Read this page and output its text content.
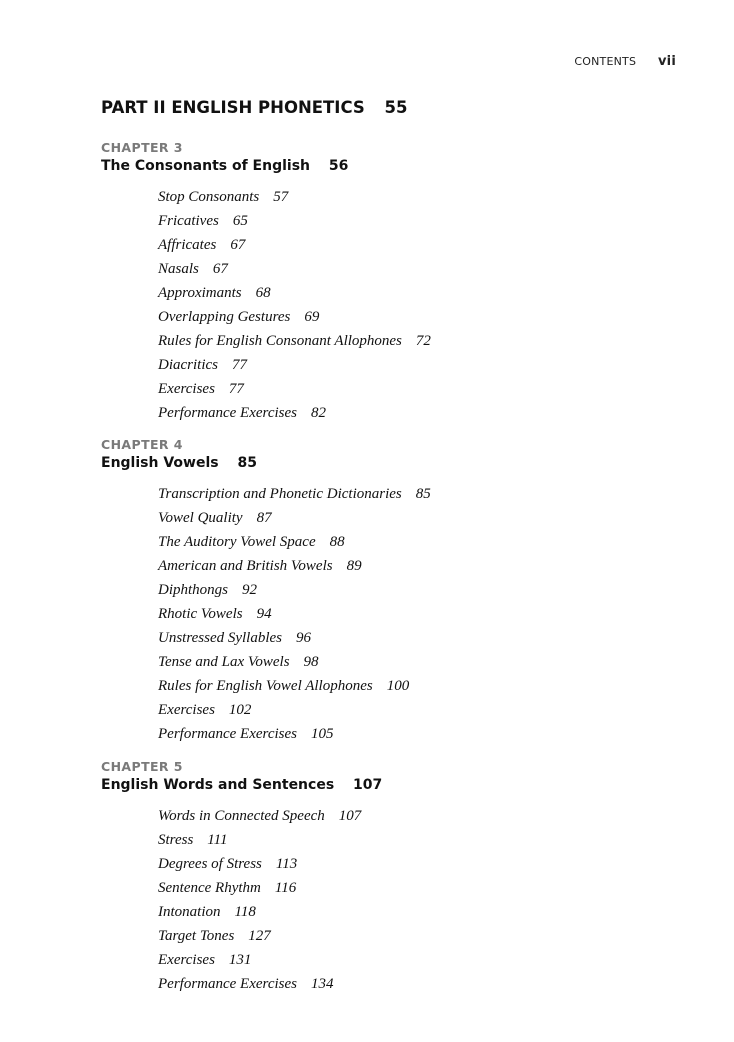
CONTENTS vii
PART II ENGLISH PHONETICS 55
CHAPTER 3
The Consonants of English 56
Stop Consonants 57
Fricatives 65
Affricates 67
Nasals 67
Approximants 68
Overlapping Gestures 69
Rules for English Consonant Allophones 72
Diacritics 77
Exercises 77
Performance Exercises 82
CHAPTER 4
English Vowels 85
Transcription and Phonetic Dictionaries 85
Vowel Quality 87
The Auditory Vowel Space 88
American and British Vowels 89
Diphthongs 92
Rhotic Vowels 94
Unstressed Syllables 96
Tense and Lax Vowels 98
Rules for English Vowel Allophones 100
Exercises 102
Performance Exercises 105
CHAPTER 5
English Words and Sentences 107
Words in Connected Speech 107
Stress 111
Degrees of Stress 113
Sentence Rhythm 116
Intonation 118
Target Tones 127
Exercises 131
Performance Exercises 134
